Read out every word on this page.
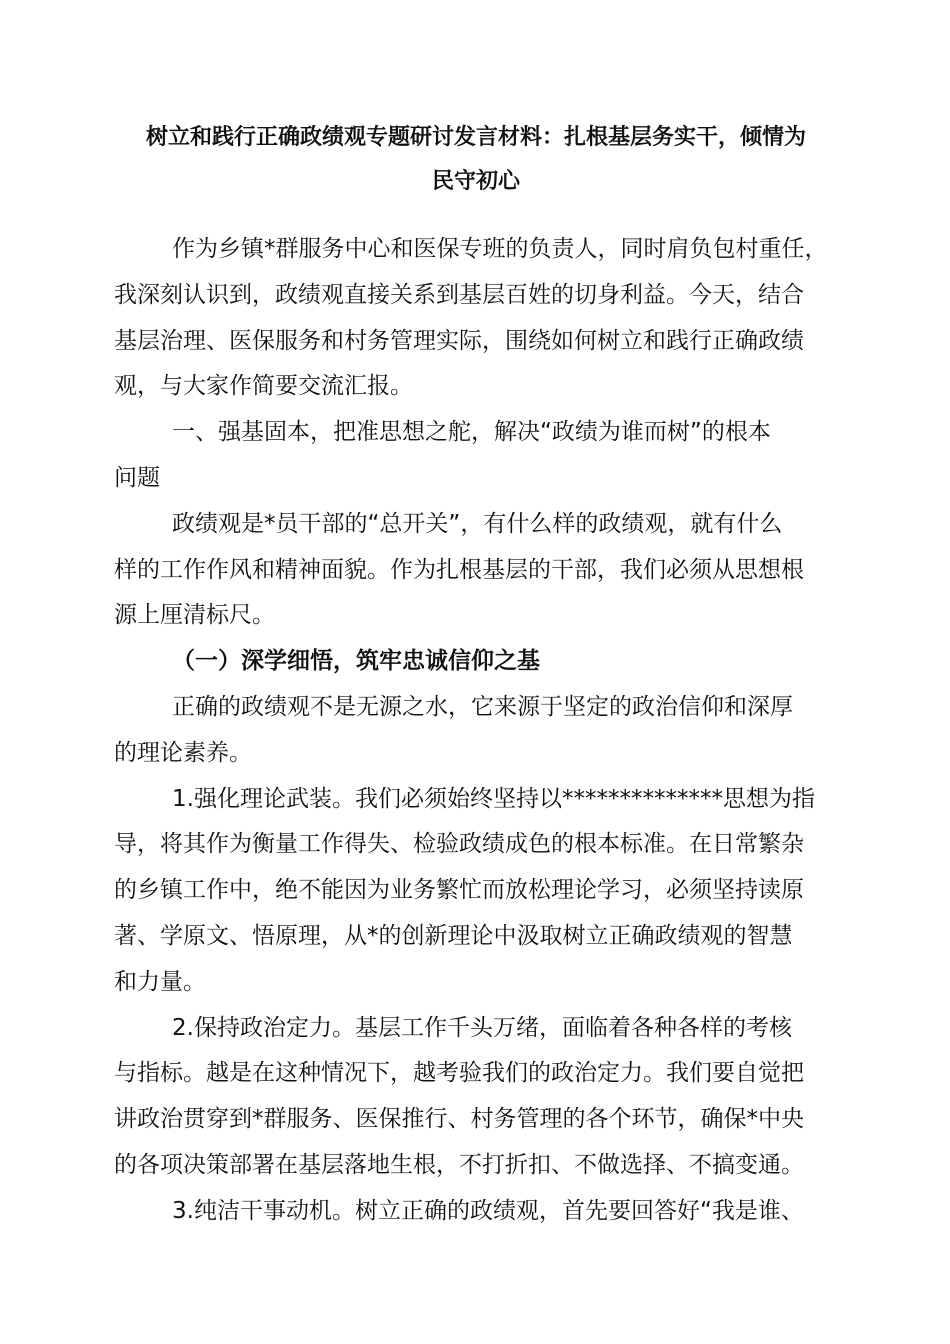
树立和践行正确政绩观专题研讨发言材料：扎根基层务实干，倾情为
民守初心

作为乡镇*群服务中心和医保专班的负责人，同时肩负包村重任，
我深刻认识到，政绩观直接关系到基层百姓的切身利益。今天，结合
基层治理、医保服务和村务管理实际，围绕如何树立和践行正确政绩
观，与大家作简要交流汇报。

一、强基固本，把准思想之舵，解决“政绩为谁而树”的根本
问题

政绩观是*员干部的“总开关”，有什么样的政绩观，就有什么
样的工作作风和精神面貌。作为扎根基层的干部，我们必须从思想根
源上厘清标尺。

（一）深学细悟，筑牢忠诚信仰之基

正确的政绩观不是无源之水，它来源于坚定的政治信仰和深厚
的理论素养。

1.强化理论武装。我们必须始终坚持以**************思想为指
导，将其作为衡量工作得失、检验政绩成色的根本标准。在日常繁杂
的乡镇工作中，绝不能因为业务繁忙而放松理论学习，必须坚持读原
著、学原文、悟原理，从*的创新理论中汲取树立正确政绩观的智慧
和力量。

2.保持政治定力。基层工作千头万绪，面临着各种各样的考核
与指标。越是在这种情况下，越考验我们的政治定力。我们要自觉把
讲政治贯穿到*群服务、医保推行、村务管理的各个环节，确保*中央
的各项决策部署在基层落地生根，不打折扣、不做选择、不搞变通。

3.纯洁干事动机。树立正确的政绩观，首先要回答好“我是谁、
